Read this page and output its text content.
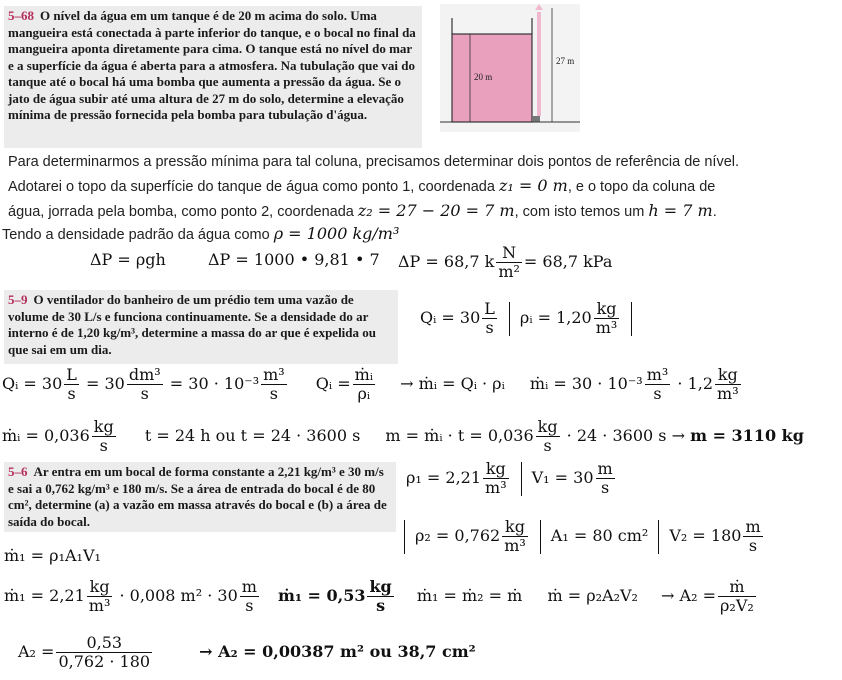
5–68 O nível da água em um tanque é de 20 m acima do solo. Uma mangueira está conectada à parte inferior do tanque, e o bocal no final da mangueira aponta diretamente para cima. O tanque está no nível do mar e a superfície da água é aberta para a atmosfera. Na tubulação que vai do tanque até o bocal há uma bomba que aumenta a pressão da água. Se o jato de água subir até uma altura de 27 m do solo, determine a elevação mínima de pressão fornecida pela bomba para tubulação d'água.
20 m
27 m
Para determinarmos a pressão mínima para tal coluna, precisamos determinar dois pontos de referência de nível.
Adotarei o topo da superfície do tanque de água como ponto 1, coordenada z₁ = 0 m, e o topo da coluna de
água, jorrada pela bomba, como ponto 2, coordenada z₂ = 27 − 20 = 7 m, com isto temos um h = 7 m.
Tendo a densidade padrão da água como ρ = 1000 kg/m³
ΔP = ρgh	ΔP = 1000 • 9,81 • 7 ΔP = 68,7 k $\frac{N}{\text{m²}} = 68,7$ kPa
5–9 O ventilador do banheiro de um prédio tem uma vazão de volume de 30 L/s e funciona continuamente. Se a densidade do ar interno é de 1,20 kg/m³, determine a massa do ar que é expelida ou que sai em um dia.
Qᵢ = $30 \frac{L}{s}$ ρᵢ = $1,20 \frac{kg}{\text{m³}}$
Qᵢ = $30 \frac{L}{s} = 30 \frac{\text{dm³}}{s} = 30 \cdot 10^{-3} \frac{\text{m³}}{s}$ Qᵢ = $\frac{\text{ṁᵢ}}{\text{ρᵢ}}$ → ṁᵢ = Qᵢ · ρᵢ ṁᵢ = $30 \cdot 10^{-3} \frac{\text{m³}}{s} \cdot 1,2 \frac{kg}{\text{m³}}$
ṁᵢ = $0,036 \frac{kg}{s}$ t = 24 h ou t = 24 · 3600 s m = ṁᵢ · $t = 0,036 \frac{kg}{s} \cdot 24 \cdot 3600$ s → m = 3110 kg
5–6 Ar entra em um bocal de forma constante a 2,21 kg/m³ e 30 m/s e sai a 0,762 kg/m³ e 180 m/s. Se a área de entrada do bocal é de 80 cm², determine (a) a vazão em massa através do bocal e (b) a área de saída do bocal.
$\rho_1 = 2,21 \frac{kg}{\text{m³}} V_1 = 30 \frac{m}{s}$
$\rho_2 = 0,762 \frac{kg}{\text{m³}} A_1 = 80$ cm² $V_2 = 180 \frac{m}{s}$
ṁ₁ = ρ₁A₁V₁
ṁ₁ = $2,21 \frac{kg}{\text{m³}} \cdot 0,008$ $m^2 \cdot 30 \frac{m}{s}$ ṁ₁ = $0,53 \frac{kg}{s}$ ṁ₁ = ṁ₂ = ṁ ṁ = $\rho_2A_2V_2 \to A_2 = \frac{\text{ṁ}}{\text{ρ₂V₂}}$
$A_2 = \frac{0,53}{0,762 \cdot 180}$	→ A₂ = 0,00387 m² ou 38,7 cm²
